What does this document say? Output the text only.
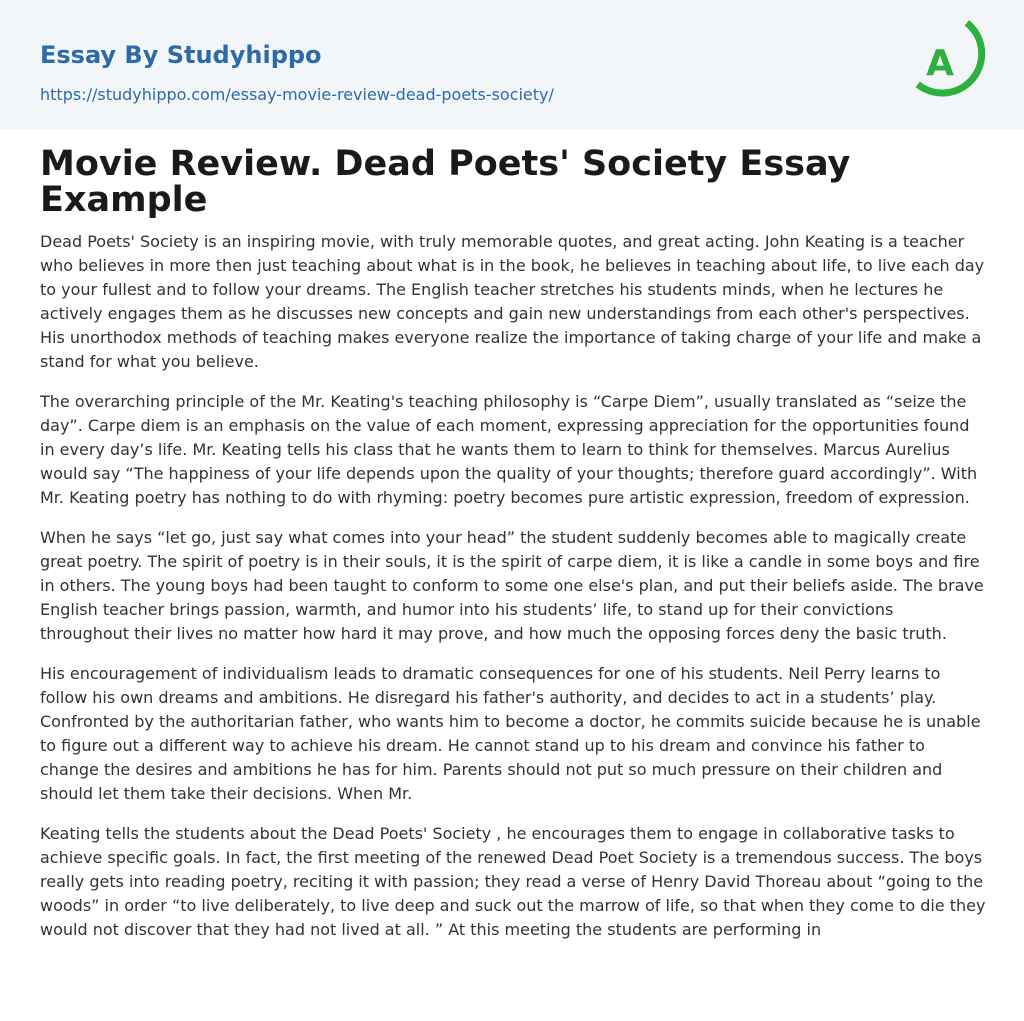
Essay By Studyhippo
https://studyhippo.com/essay-movie-review-dead-poets-society/
A
Movie Review. Dead Poets' Society Essay Example

Dead Poets' Society is an inspiring movie, with truly memorable quotes, and great acting. John Keating is a teacher who believes in more then just teaching about what is in the book, he believes in teaching about life, to live each day to your fullest and to follow your dreams. The English teacher stretches his students minds, when he lectures he actively engages them as he discusses new concepts and gain new understandings from each other's perspectives. His unorthodox methods of teaching makes everyone realize the importance of taking charge of your life and make a stand for what you believe.

The overarching principle of the Mr. Keating's teaching philosophy is “Carpe Diem”, usually translated as “seize the day”. Carpe diem is an emphasis on the value of each moment, expressing appreciation for the opportunities found in every day’s life. Mr. Keating tells his class that he wants them to learn to think for themselves. Marcus Aurelius would say “The happiness of your life depends upon the quality of your thoughts; therefore guard accordingly”. With Mr. Keating poetry has nothing to do with rhyming: poetry becomes pure artistic expression, freedom of expression.

When he says “let go, just say what comes into your head” the student suddenly becomes able to magically create great poetry. The spirit of poetry is in their souls, it is the spirit of carpe diem, it is like a candle in some boys and fire in others. The young boys had been taught to conform to some one else's plan, and put their beliefs aside. The brave English teacher brings passion, warmth, and humor into his students’ life, to stand up for their convictions throughout their lives no matter how hard it may prove, and how much the opposing forces deny the basic truth.

His encouragement of individualism leads to dramatic consequences for one of his students. Neil Perry learns to follow his own dreams and ambitions. He disregard his father's authority, and decides to act in a students’ play. Confronted by the authoritarian father, who wants him to become a doctor, he commits suicide because he is unable to figure out a different way to achieve his dream. He cannot stand up to his dream and convince his father to change the desires and ambitions he has for him. Parents should not put so much pressure on their children and should let them take their decisions. When Mr.

Keating tells the students about the Dead Poets' Society , he encourages them to engage in collaborative tasks to achieve specific goals. In fact, the first meeting of the renewed Dead Poet Society is a tremendous success. The boys really gets into reading poetry, reciting it with passion; they read a verse of Henry David Thoreau about “going to the woods” in order “to live deliberately, to live deep and suck out the marrow of life, so that when they come to die they would not discover that they had not lived at all. ” At this meeting the students are performing in
